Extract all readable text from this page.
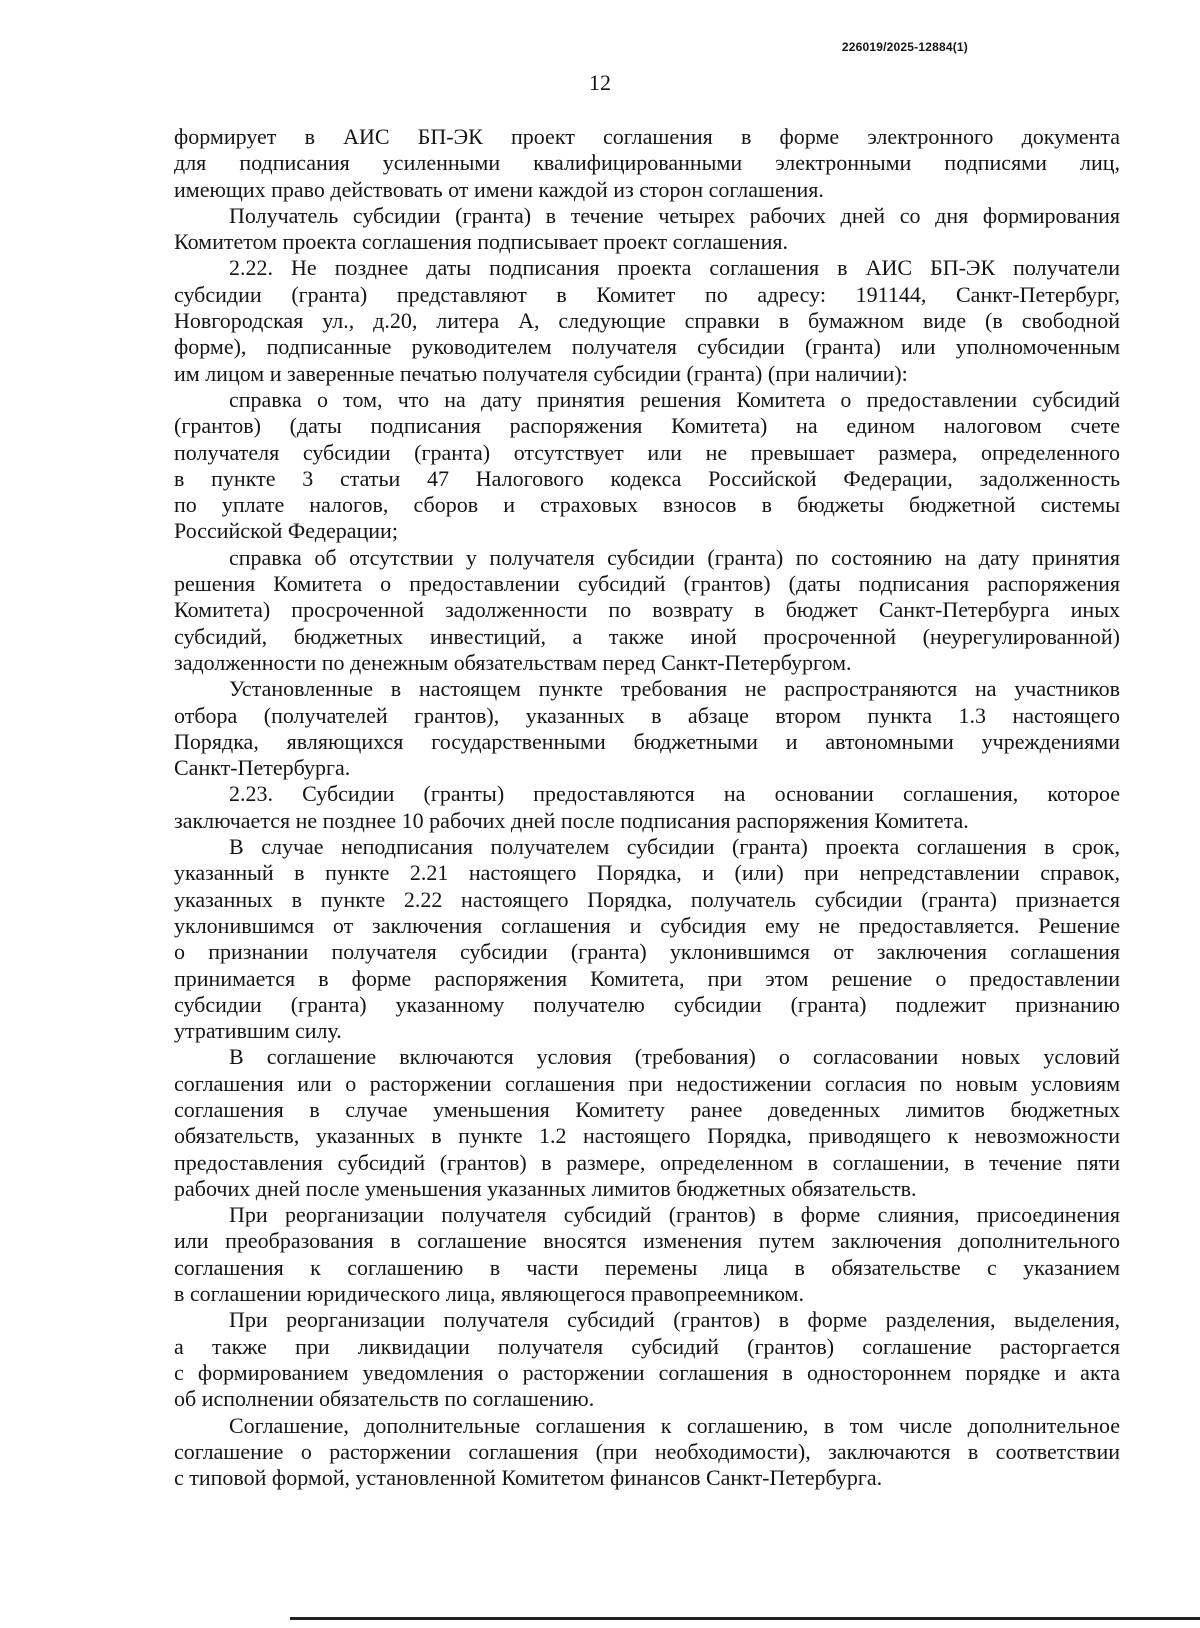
226019/2025-12884(1)
12
формирует в АИС БП-ЭК проект соглашения в форме электронного документа
для подписания усиленными квалифицированными электронными подписями лиц,
имеющих право действовать от имени каждой из сторон соглашения.
Получатель субсидии (гранта) в течение четырех рабочих дней со дня формирования
Комитетом проекта соглашения подписывает проект соглашения.
2.22. Не позднее даты подписания проекта соглашения в АИС БП-ЭК получатели
субсидии (гранта) представляют в Комитет по адресу: 191144, Санкт-Петербург,
Новгородская ул., д.20, литера А, следующие справки в бумажном виде (в свободной
форме), подписанные руководителем получателя субсидии (гранта) или уполномоченным
им лицом и заверенные печатью получателя субсидии (гранта) (при наличии):
справка о том, что на дату принятия решения Комитета о предоставлении субсидий
(грантов) (даты подписания распоряжения Комитета) на едином налоговом счете
получателя субсидии (гранта) отсутствует или не превышает размера, определенного
в пункте 3 статьи 47 Налогового кодекса Российской Федерации, задолженность
по уплате налогов, сборов и страховых взносов в бюджеты бюджетной системы
Российской Федерации;
справка об отсутствии у получателя субсидии (гранта) по состоянию на дату принятия
решения Комитета о предоставлении субсидий (грантов) (даты подписания распоряжения
Комитета) просроченной задолженности по возврату в бюджет Санкт-Петербурга иных
субсидий, бюджетных инвестиций, а также иной просроченной (неурегулированной)
задолженности по денежным обязательствам перед Санкт-Петербургом.
Установленные в настоящем пункте требования не распространяются на участников
отбора (получателей грантов), указанных в абзаце втором пункта 1.3 настоящего
Порядка, являющихся государственными бюджетными и автономными учреждениями
Санкт-Петербурга.
2.23. Субсидии (гранты) предоставляются на основании соглашения, которое
заключается не позднее 10 рабочих дней после подписания распоряжения Комитета.
В случае неподписания получателем субсидии (гранта) проекта соглашения в срок,
указанный в пункте 2.21 настоящего Порядка, и (или) при непредставлении справок,
указанных в пункте 2.22 настоящего Порядка, получатель субсидии (гранта) признается
уклонившимся от заключения соглашения и субсидия ему не предоставляется. Решение
о признании получателя субсидии (гранта) уклонившимся от заключения соглашения
принимается в форме распоряжения Комитета, при этом решение о предоставлении
субсидии (гранта) указанному получателю субсидии (гранта) подлежит признанию
утратившим силу.
В соглашение включаются условия (требования) о согласовании новых условий
соглашения или о расторжении соглашения при недостижении согласия по новым условиям
соглашения в случае уменьшения Комитету ранее доведенных лимитов бюджетных
обязательств, указанных в пункте 1.2 настоящего Порядка, приводящего к невозможности
предоставления субсидий (грантов) в размере, определенном в соглашении, в течение пяти
рабочих дней после уменьшения указанных лимитов бюджетных обязательств.
При реорганизации получателя субсидий (грантов) в форме слияния, присоединения
или преобразования в соглашение вносятся изменения путем заключения дополнительного
соглашения к соглашению в части перемены лица в обязательстве с указанием
в соглашении юридического лица, являющегося правопреемником.
При реорганизации получателя субсидий (грантов) в форме разделения, выделения,
а также при ликвидации получателя субсидий (грантов) соглашение расторгается
с формированием уведомления о расторжении соглашения в одностороннем порядке и акта
об исполнении обязательств по соглашению.
Соглашение, дополнительные соглашения к соглашению, в том числе дополнительное
соглашение о расторжении соглашения (при необходимости), заключаются в соответствии
с типовой формой, установленной Комитетом финансов Санкт-Петербурга.
